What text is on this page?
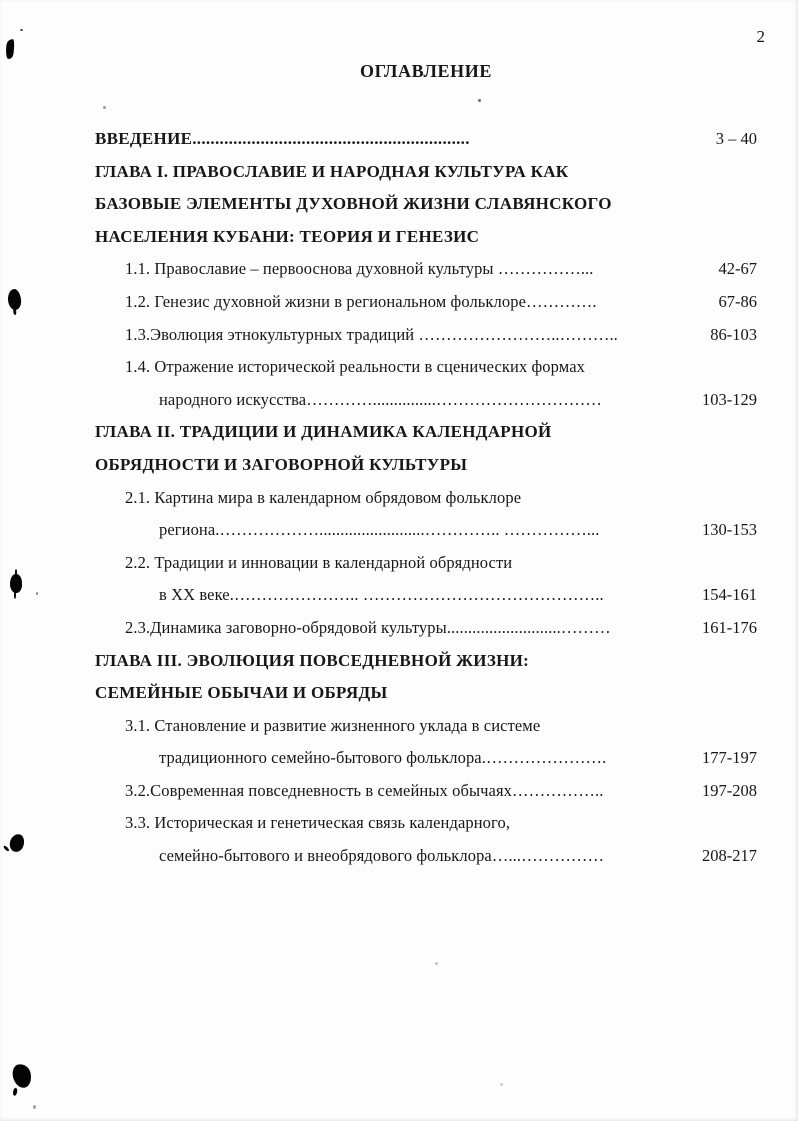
2
ОГЛАВЛЕНИЕ
ВВЕДЕНИЕ.............................................................	3 – 40
ГЛАВА I. ПРАВОСЛАВИЕ И НАРОДНАЯ КУЛЬТУРА КАК
БАЗОВЫЕ ЭЛЕМЕНТЫ ДУХОВНОЙ ЖИЗНИ СЛАВЯНСКОГО
НАСЕЛЕНИЯ КУБАНИ: ТЕОРИЯ И ГЕНЕЗИС
1.1. Православие – первооснова духовной культуры ……………...	42-67
1.2. Генезис духовной жизни в региональном фольклоре………….	67-86
1.3.Эволюция этнокультурных традиций ……………………..………..	86-103
1.4. Отражение исторической реальности в сценических формах
народного искусства…………...............…………………………	103-129
ГЛАВА II. ТРАДИЦИИ И ДИНАМИКА КАЛЕНДАРНОЙ
ОБРЯДНОСТИ И ЗАГОВОРНОЙ КУЛЬТУРЫ
2.1. Картина мира в календарном обрядовом фольклоре
региона.……………….........................………….. ……………...	130-153
2.2. Традиции и инновации в календарной обрядности
в XX веке.………………….. ……………………………………..	154-161
2.3.Динамика заговорно-обрядовой культуры...........................………	161-176
ГЛАВА III. ЭВОЛЮЦИЯ ПОВСЕДНЕВНОЙ ЖИЗНИ:
СЕМЕЙНЫЕ ОБЫЧАИ И ОБРЯДЫ
3.1. Становление и развитие жизненного уклада в системе
традиционного семейно-бытового фольклора.………………….	177-197
3.2.Современная повседневность в семейных обычаях……………..	197-208
3.3. Историческая и генетическая связь календарного,
семейно-бытового и внеобрядового фольклора…...……………	208-217
